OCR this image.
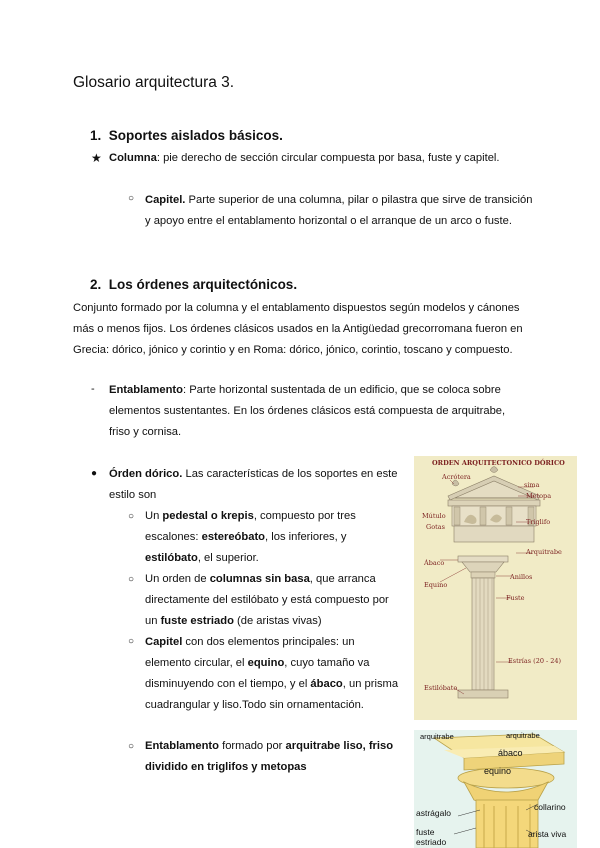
Glosario arquitectura 3.
1. Soportes aislados básicos.
★ Columna: pie derecho de sección circular compuesta por basa, fuste y capitel.
○ Capitel. Parte superior de una columna, pilar o pilastra que sirve de transición y apoyo entre el entablamento horizontal o el arranque de un arco o fuste.
2. Los órdenes arquitectónicos.
Conjunto formado por la columna y el entablamento dispuestos según modelos y cánones más o menos fijos. Los órdenes clásicos usados en la Antigüedad grecorromana fueron en Grecia: dórico, jónico y corintio y en Roma: dórico, jónico, corintio, toscano y compuesto.
- Entablamento: Parte horizontal sustentada de un edificio, que se coloca sobre elementos sustentantes. En los órdenes clásicos está compuesta de arquitrabe, friso y cornisa.
● Órden dórico. Las características de los soportes en este estilo son
○ Un pedestal o krepis, compuesto por tres escalones: estereóbato, los inferiores, y estilóbato, el superior.
○ Un orden de columnas sin basa, que arranca directamente del estilóbato y está compuesto por un fuste estriado (de aristas vivas)
○ Capitel con dos elementos principales: un elemento circular, el equino, cuyo tamaño va disminuyendo con el tiempo, y el ábaco, un prisma cuadrangular y liso.Todo sin ornamentación.
○ Entablamento formado por arquitrabe liso, friso dividido en triglifos y metopas
ORDEN ARQUITECTONICO DÓRICO
Acrótera
sima
Metopa
Mútulo
Gotas
Triglifo
Arquitrabe
Ábaco
Equino
Anillos
Fuste
Estrías (20 - 24)
Estilóbato
arquitrabe	arquitrabe
ábaco
equino
astrágalo
collarino
fuste
estriado
arista viva
